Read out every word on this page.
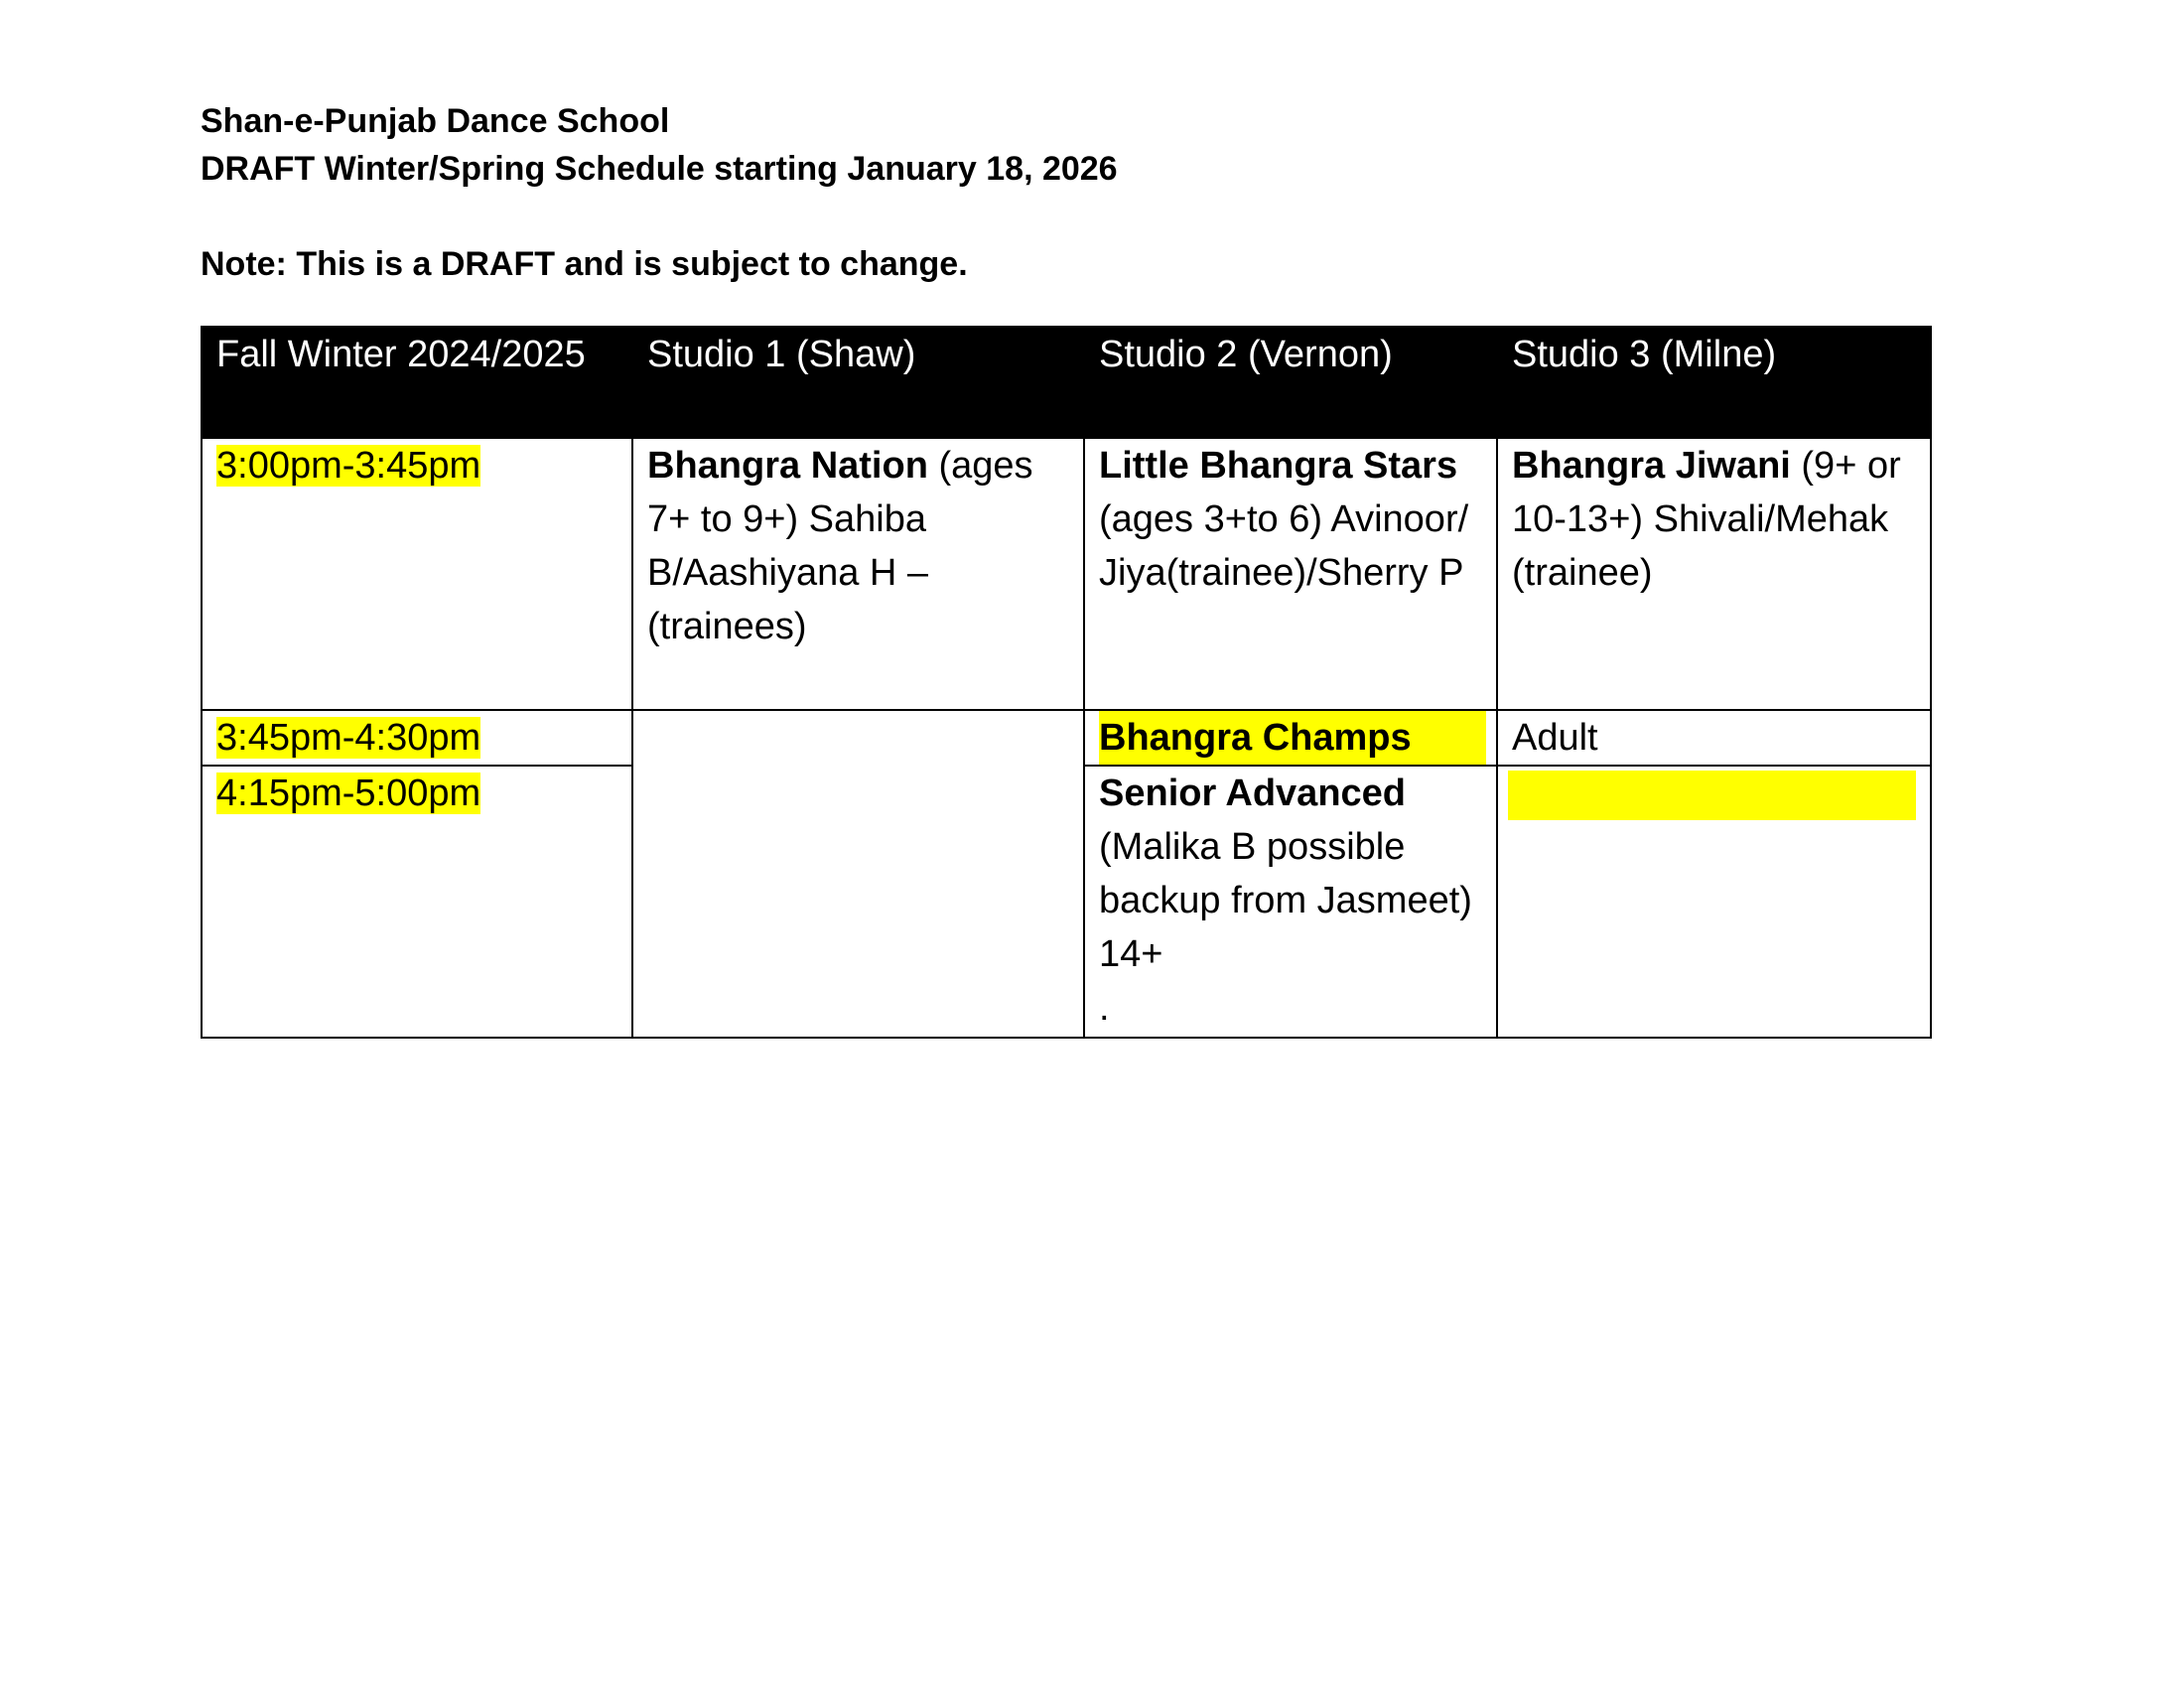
Shan-e-Punjab Dance School

DRAFT Winter/Spring Schedule starting January 18, 2026

Note: This is a DRAFT and is subject to change.

Fall Winter 2024/2025	Studio 1 (Shaw)	Studio 2 (Vernon)	Studio 3 (Milne)
3:00pm-3:45pm	Bhangra Nation (ages 7+ to 9+) Sahiba B/Aashiyana H – (trainees)	Little Bhangra Stars (ages 3+to 6) Avinoor/ Jiya(trainee)/Sherry P	Bhangra Jiwani (9+ or 10-13+) Shivali/Mehak (trainee)
3:45pm-4:30pm		Bhangra Champs	Adult
4:15pm-5:00pm		Senior Advanced (Malika B possible backup from Jasmeet) 14+
.	
